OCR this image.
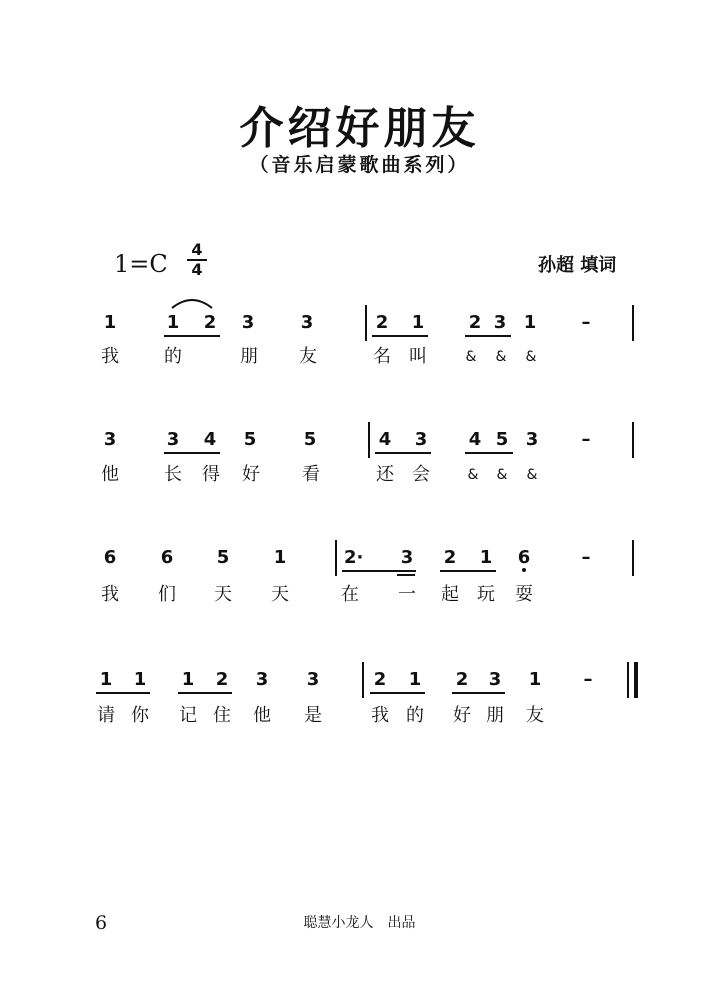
介绍好朋友
（音乐启蒙歌曲系列）
1=C
4
4	孙超 填词
1	1 2 3	3	2 1 2 3 1	–
我	的	朋 友	名 叫	&	&	&
3	3 4 5	5	4 3 4 5 3	–
他	长 得 好 看	还 会	&	&	&
6 6 5 1	2·	3 2 1 6	–
我 们 天 天	在 一 起 玩 耍
1 1 1 2 3 3	2 1 2 3 1	–
请 你 记 住 他 是	我 的 好 朋 友
6	聪慧小龙人　出品
